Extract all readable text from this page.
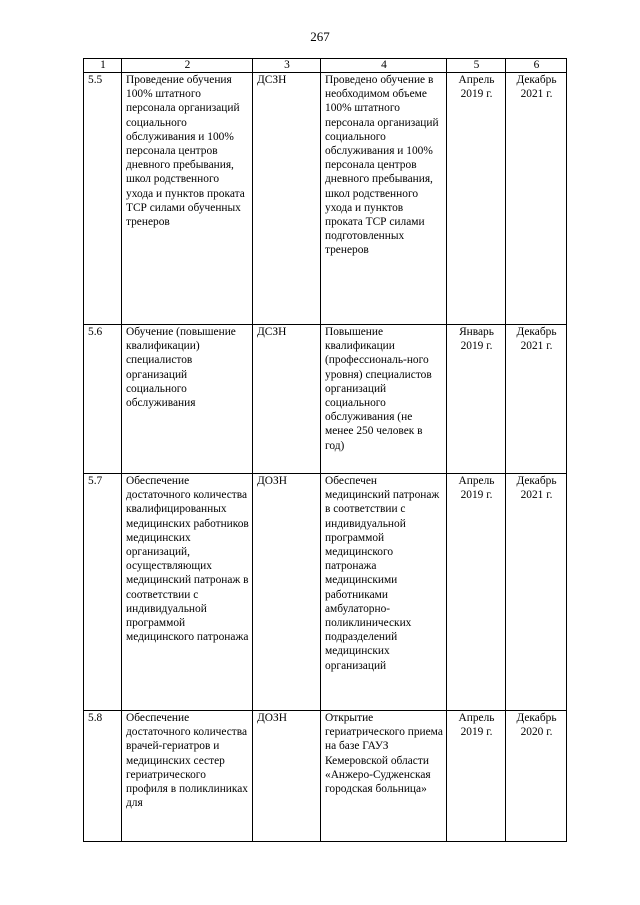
267
1	2	3	4	5	6
5.5	Проведение обучения 100% штатного персонала организаций социального обслуживания и 100% персонала центров дневного пребывания, школ родственного ухода и пунктов проката ТСР силами обученных тренеров	ДСЗН	Проведено обучение в необходимом объеме 100% штатного персонала организаций социального обслуживания и 100% персонала центров дневного пребывания, школ родственного ухода и пунктов проката ТСР силами подготовленных тренеров	Апрель 2019 г.	Декабрь 2021 г.
5.6	Обучение (повышение квалификации) специалистов организаций социального обслуживания	ДСЗН	Повышение квалификации (профессиональ-ного уровня) специалистов организаций социального обслуживания (не менее 250 человек в год)	Январь 2019 г.	Декабрь 2021 г.
5.7	Обеспечение достаточного количества квалифицированных медицинских работников медицинских организаций, осуществляющих медицинский патронаж в соответствии с индивидуальной программой медицинского патронажа	ДОЗН	Обеспечен медицинский патронаж в соответствии с индивидуальной программой медицинского патронажа медицинскими работниками амбулаторно-поликлинических подразделений медицинских организаций	Апрель 2019 г.	Декабрь 2021 г.
5.8	Обеспечение достаточного количества врачей-гериатров и медицинских сестер гериатрического профиля в поликлиниках для	ДОЗН	Открытие гериатрического приема на базе ГАУЗ Кемеровской области «Анжеро-Судженская городская больница»	Апрель 2019 г.	Декабрь 2020 г.
